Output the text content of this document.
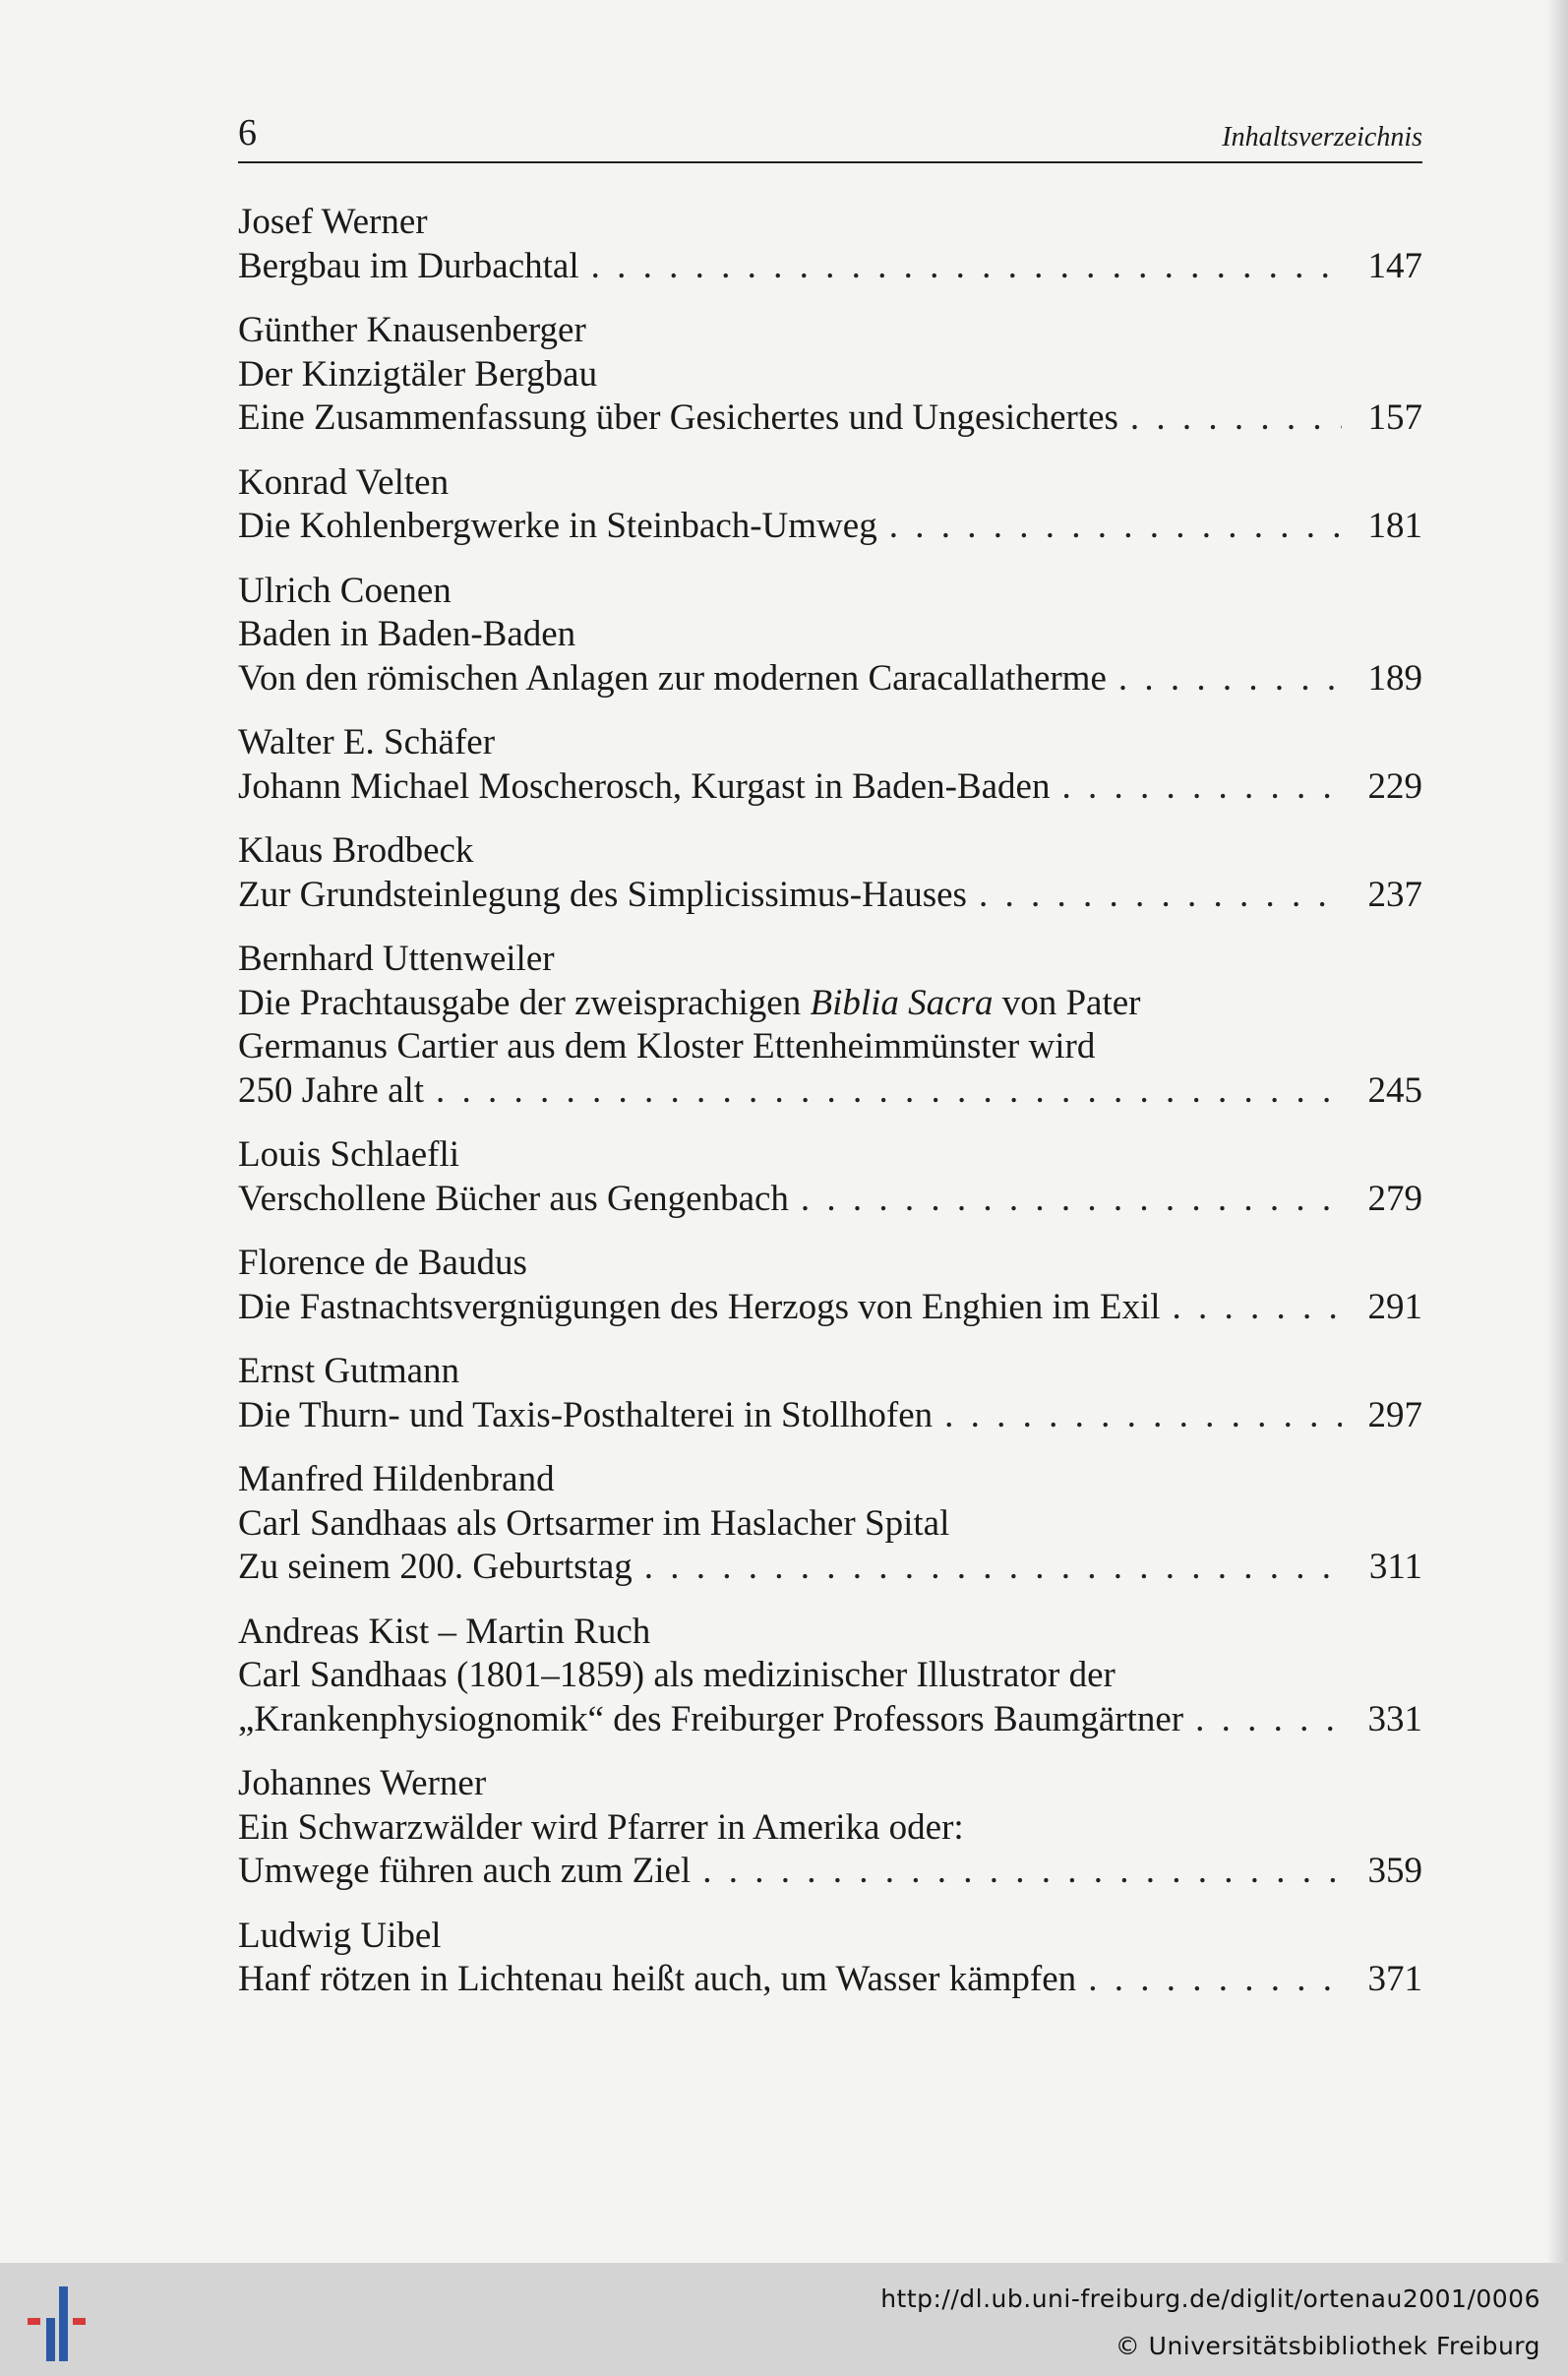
6	Inhaltsverzeichnis
Josef Werner
Bergbau im Durbachtal . . .	147
Günther Knausenberger
Der Kinzigtäler Bergbau
Eine Zusammenfassung über Gesichertes und Ungesichertes . . .	157
Konrad Velten
Die Kohlenbergwerke in Steinbach-Umweg . . .	181
Ulrich Coenen
Baden in Baden-Baden
Von den römischen Anlagen zur modernen Caracallatherme . . .	189
Walter E. Schäfer
Johann Michael Moscherosch, Kurgast in Baden-Baden . . .	229
Klaus Brodbeck
Zur Grundsteinlegung des Simplicissimus-Hauses . . .	237
Bernhard Uttenweiler
Die Prachtausgabe der zweisprachigen Biblia Sacra von Pater
Germanus Cartier aus dem Kloster Ettenheimmünster wird
250 Jahre alt . . .	245
Louis Schlaefli
Verschollene Bücher aus Gengenbach . . .	279
Florence de Baudus
Die Fastnachtsvergnügungen des Herzogs von Enghien im Exil . . .	291
Ernst Gutmann
Die Thurn- und Taxis-Posthalterei in Stollhofen . . .	297
Manfred Hildenbrand
Carl Sandhaas als Ortsarmer im Haslacher Spital
Zu seinem 200. Geburtstag . . .	311
Andreas Kist – Martin Ruch
Carl Sandhaas (1801–1859) als medizinischer Illustrator der
„Krankenphysiognomik“ des Freiburger Professors Baumgärtner . . .	331
Johannes Werner
Ein Schwarzwälder wird Pfarrer in Amerika oder:
Umwege führen auch zum Ziel . . .	359
Ludwig Uibel
Hanf rötzen in Lichtenau heißt auch, um Wasser kämpfen . . .	371
http://dl.ub.uni-freiburg.de/diglit/ortenau2001/0006
© Universitätsbibliothek Freiburg
